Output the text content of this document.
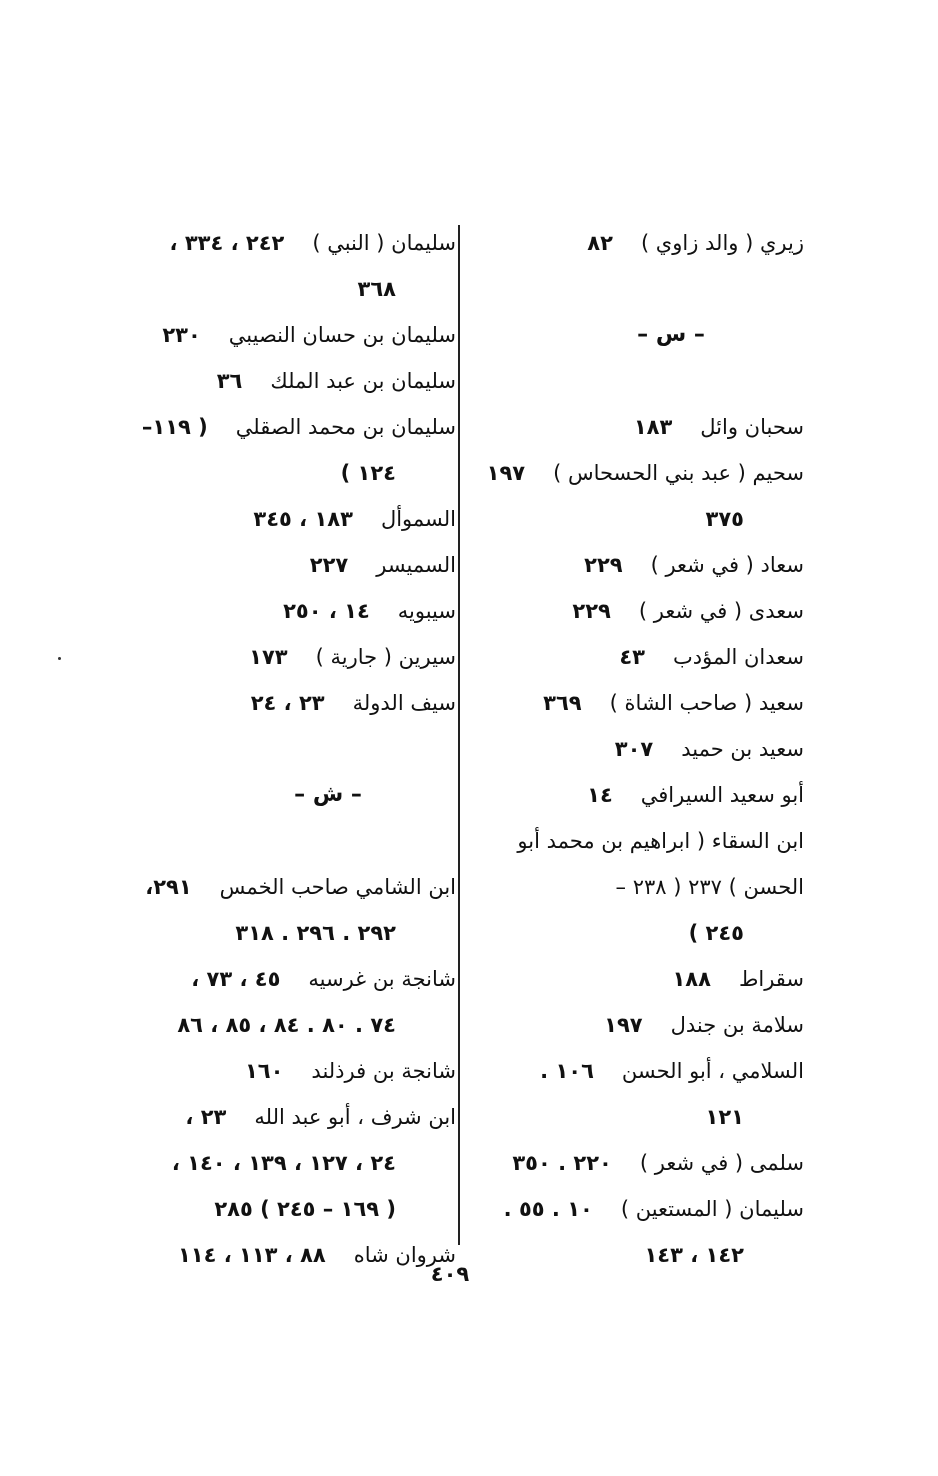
زيري ( والد زاوي )
٨٢
– س –
سحبان وائل
١٨٣
سحيم ( عبد بني الحسحاس )
١٩٧
٣٧٥
سعاد ( في شعر )
٢٢٩
سعدى ( في شعر )
٢٢٩
سعدان المؤدب
٤٣
سعيد ( صاحب الشاة )
٣٦٩
سعيد بن حميد
٣٠٧
أبو سعيد السيرافي
١٤
ابن السقاء ( ابراهيم بن محمد أبو
الحسن ) ٢٣٧ ( ٢٣٨ –
٢٤٥ )
سقراط
١٨٨
سلامة بن جندل
١٩٧
السلامي ، أبو الحسن
١٠٦ .
١٢١
سلمى ( في شعر )
٢٢٠ . ٣٥٠
سليمان ( المستعين )
١٠ . ٥٥ .
١٤٢ ، ١٤٣
سليمان ( النبي )
٢٤٢ ، ٣٣٤ ،
٣٦٨
سليمان بن حسان النصيبي
٢٣٠
سليمان بن عبد الملك
٣٦
سليمان بن محمد الصقلي
( ١١٩–
١٢٤ )
السموأل
١٨٣ ، ٣٤٥
السميسر
٢٢٧
سيبويه
١٤ ، ٢٥٠
سيرين ( جارية )
١٧٣
سيف الدولة
٢٣ ، ٢٤
– ش –
ابن الشامي صاحب الخمس
٢٩١،
٢٩٢ . ٢٩٦ . ٣١٨
شانجة بن غرسيه
٤٥ ، ٧٣ ،
٧٤ . ٨٠ . ٨٤ ، ٨٥ ، ٨٦
شانجة بن فرذلند
١٦٠
ابن شرف ، أبو عبد الله
٢٣ ،
٢٤ ، ١٢٧ ، ١٣٩ ، ١٤٠ ،
( ١٦٩ – ٢٤٥ ) ٢٨٥
شروان شاه
٨٨ ، ١١٣ ، ١١٤
٤٠٩
